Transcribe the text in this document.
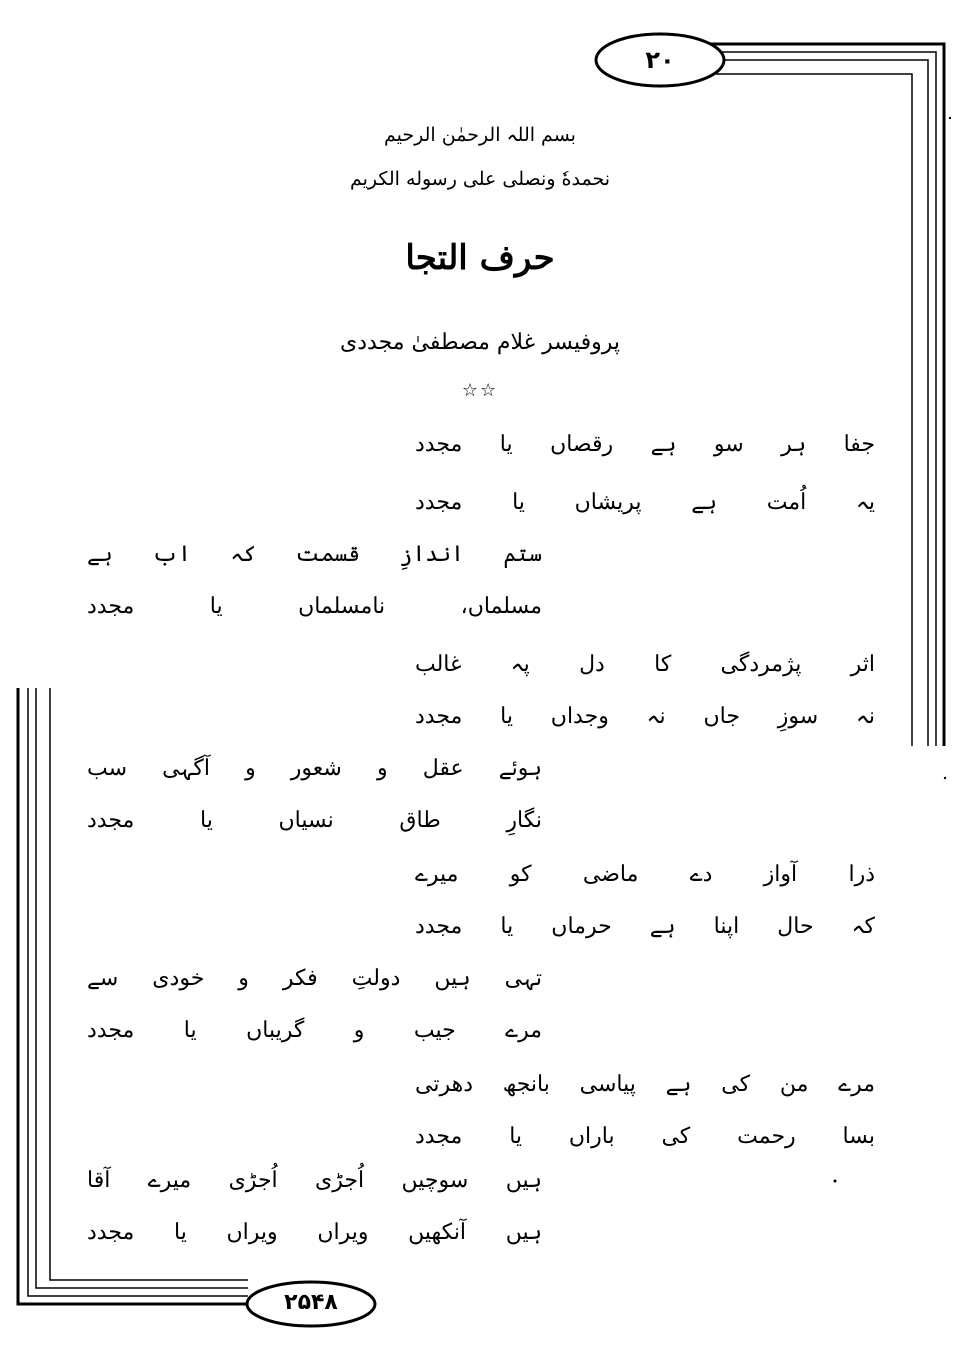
۲۰
۲۵۴۸
بسم اللہ الرحمٰن الرحیم
نحمدهٗ ونصلی علی رسوله الکریم
حرف التجا
پروفیسر غلام مصطفیٰ مجددی
☆☆
جفا ہر سو ہے رقصاں یا مجدد
یہ اُمت ہے پریشاں یا مجدد
ستم اندازِ قسمت کہ اب ہے
مسلماں، نامسلماں یا مجدد
اثر پژمردگی کا دل پہ غالب
نہ سوزِ جاں نہ وجداں یا مجدد
ہوئے عقل و شعور و آگہی سب
نگارِ طاق نسیاں یا مجدد
ذرا آواز دے ماضی کو میرے
کہ حال اپنا ہے حرماں یا مجدد
تہی ہیں دولتِ فکر و خودی سے
مرے جیب و گریباں یا مجدد
مرے من کی ہے پیاسی بانجھ دھرتی
بسا رحمت کی باراں یا مجدد
ہیں سوچیں اُجڑی اُجڑی میرے آقا
ہیں آنکھیں ویراں ویراں یا مجدد
